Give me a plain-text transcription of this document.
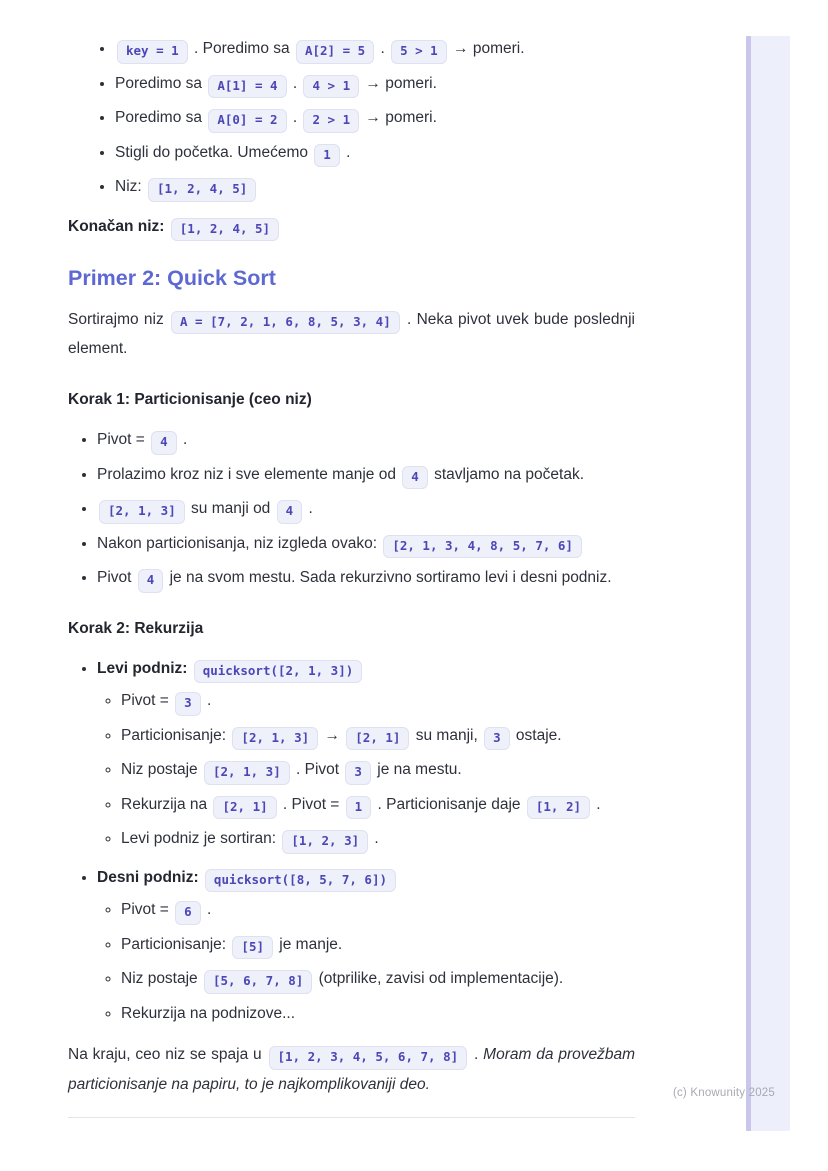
• key = 1 . Poredimo sa A[2] = 5 . 5 > 1 → pomeri.
• Poredimo sa A[1] = 4 . 4 > 1 → pomeri.
• Poredimo sa A[0] = 2 . 2 > 1 → pomeri.
• Stigli do početka. Umećemo 1 .
• Niz: [1, 2, 4, 5]

Konačan niz: [1, 2, 4, 5]

Primer 2: Quick Sort

Sortirajmo niz A = [7, 2, 1, 6, 8, 5, 3, 4] . Neka pivot uvek bude poslednji element.

Korak 1: Particionisanje (ceo niz)

• Pivot = 4 .
• Prolazimo kroz niz i sve elemente manje od 4 stavljamo na početak.
• [2, 1, 3] su manji od 4 .
• Nakon particionisanja, niz izgleda ovako: [2, 1, 3, 4, 8, 5, 7, 6]
• Pivot 4 je na svom mestu. Sada rekurzivno sortiramo levi i desni podniz.

Korak 2: Rekurzija

• Levi podniz: quicksort([2, 1, 3])
◦ Pivot = 3 .
◦ Particionisanje: [2, 1, 3] → [2, 1] su manji, 3 ostaje.
◦ Niz postaje [2, 1, 3] . Pivot 3 je na mestu.
◦ Rekurzija na [2, 1] . Pivot = 1 . Particionisanje daje [1, 2] .
◦ Levi podniz je sortiran: [1, 2, 3] .
• Desni podniz: quicksort([8, 5, 7, 6])
◦ Pivot = 6 .
◦ Particionisanje: [5] je manje.
◦ Niz postaje [5, 6, 7, 8] (otprilike, zavisi od implementacije).
◦ Rekurzija na podnizove...

Na kraju, ceo niz se spaja u [1, 2, 3, 4, 5, 6, 7, 8] . Moram da provežbam particionisanje na papiru, to je najkomplikovaniji deo.

(c) Knowunity 2025
